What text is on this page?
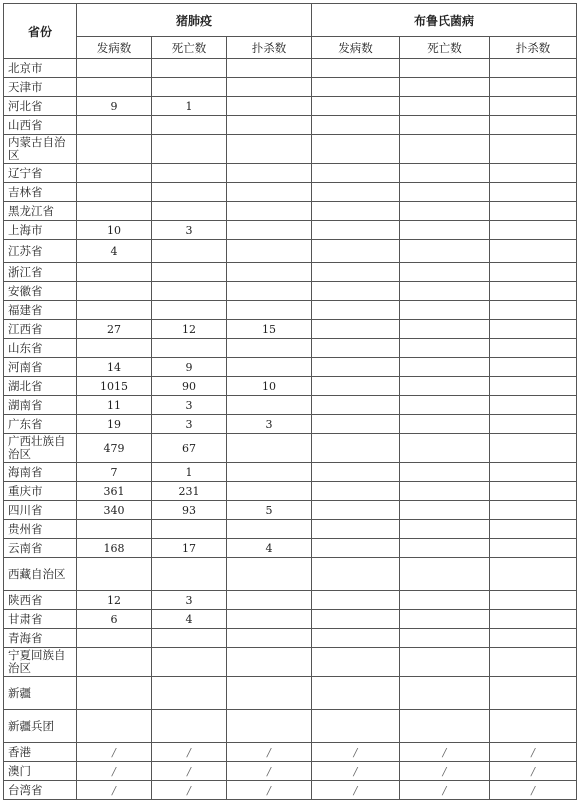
省份	猪肺疫			布鲁氏菌病		
	发病数	死亡数	扑杀数	发病数	死亡数	扑杀数
北京市						
天津市						
河北省	9	1				
山西省						
内蒙古自治区						
辽宁省						
吉林省						
黑龙江省						
上海市	10	3				
江苏省	4					
浙江省						
安徽省						
福建省						
江西省	27	12	15			
山东省						
河南省	14	9				
湖北省	1015	90	10			
湖南省	11	3				
广东省	19	3	3			
广西壮族自治区	479	67				
海南省	7	1				
重庆市	361	231				
四川省	340	93	5			
贵州省						
云南省	168	17	4			
西藏自治区						
陕西省	12	3				
甘肃省	6	4				
青海省						
宁夏回族自治区						
新疆						
新疆兵团						
香港	/	/	/	/	/	/
澳门	/	/	/	/	/	/
台湾省	/	/	/	/	/	/
